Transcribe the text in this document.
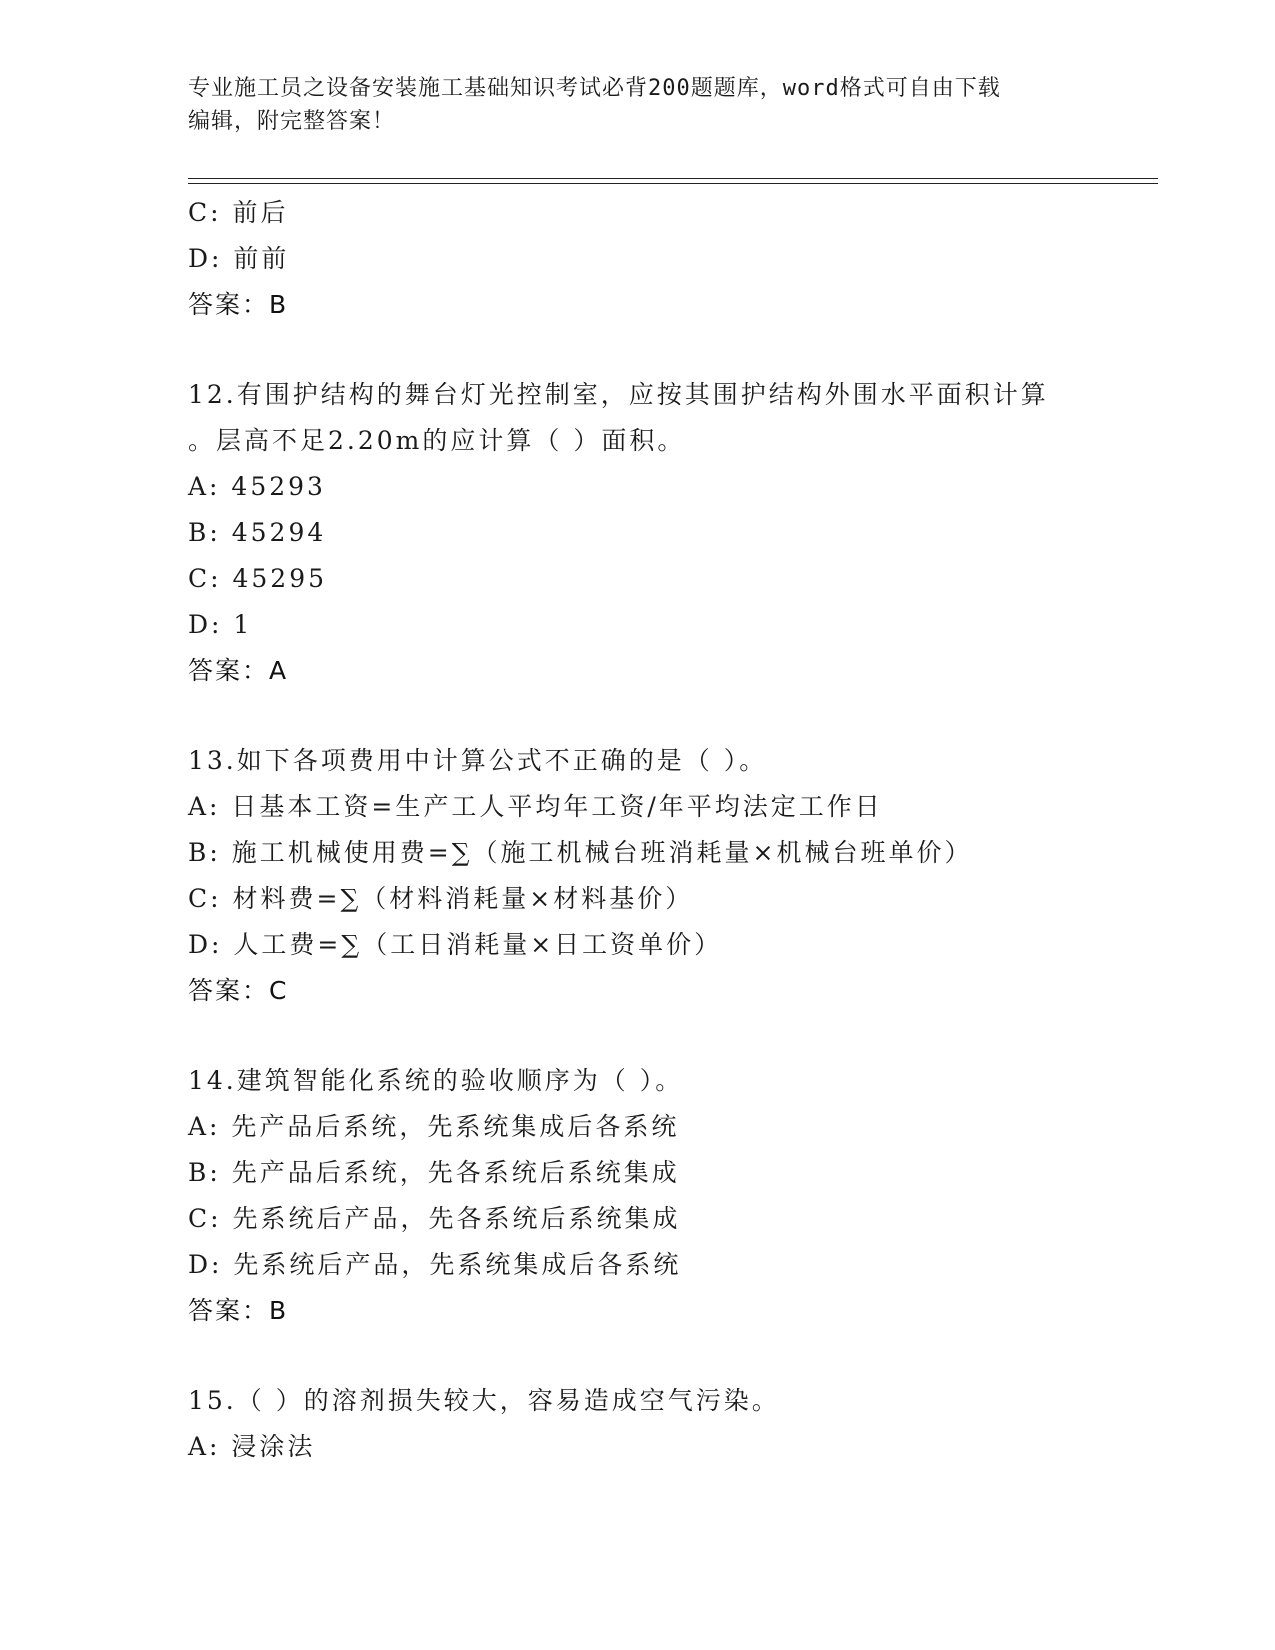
专业施工员之设备安装施工基础知识考试必背200题题库，word格式可自由下载
编辑，附完整答案！
C: 前后
D: 前前
答案：B
12.有围护结构的舞台灯光控制室，应按其围护结构外围水平面积计算
。层高不足2.20m的应计算（ ）面积。
A: 45293
B: 45294
C: 45295
D: 1
答案：A
13.如下各项费用中计算公式不正确的是（ ）。
A: 日基本工资=生产工人平均年工资/年平均法定工作日
B: 施工机械使用费=∑（施工机械台班消耗量×机械台班单价）
C: 材料费=∑（材料消耗量×材料基价）
D: 人工费=∑（工日消耗量×日工资单价）
答案：C
14.建筑智能化系统的验收顺序为（ ）。
A: 先产品后系统，先系统集成后各系统
B: 先产品后系统，先各系统后系统集成
C: 先系统后产品，先各系统后系统集成
D: 先系统后产品，先系统集成后各系统
答案：B
15.（ ）的溶剂损失较大，容易造成空气污染。
A: 浸涂法
